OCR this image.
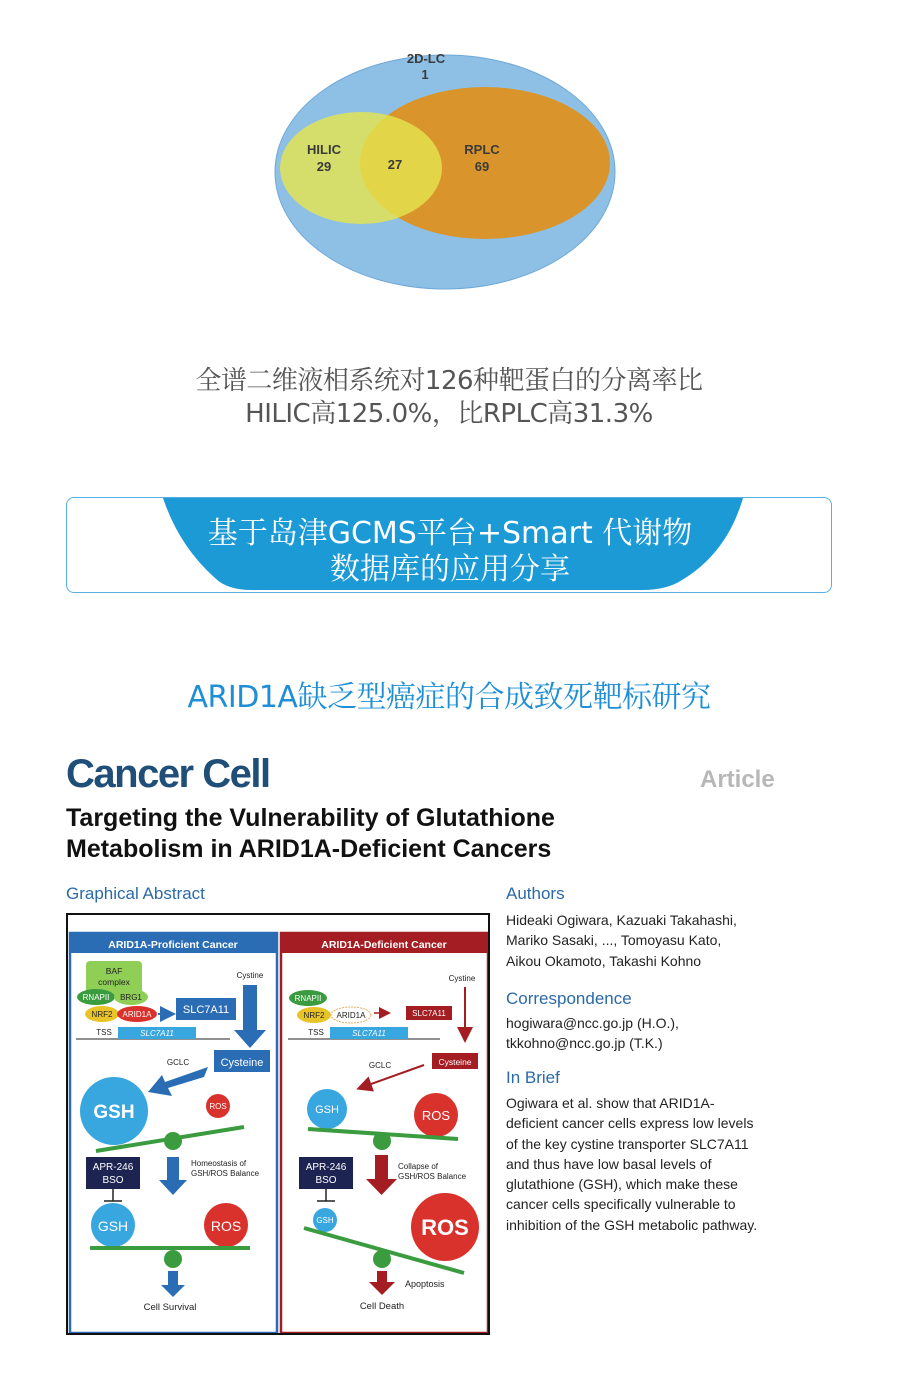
2D-LC
1
HILIC
29	27
RPLC
69
全谱二维液相系统对126种靶蛋白的分离率比
HILIC高125.0%，比RPLC高31.3%
基于岛津GCMS平台+Smart 代谢物
数据库的应用分享
ARID1A缺乏型癌症的合成致死靶标研究
Cancer Cell	Article
Targeting the Vulnerability of Glutathione
Metabolism in ARID1A-Deficient Cancers
Graphical Abstract	Authors
Hideaki Ogiwara, Kazuaki Takahashi,
Mariko Sasaki, ..., Tomoyasu Kato,
Aikou Okamoto, Takashi Kohno
Correspondence
hogiwara@ncc.go.jp (H.O.),
tkkohno@ncc.go.jp (T.K.)
In Brief
Ogiwara et al. show that ARID1A-
deficient cancer cells express low levels
of the key cystine transporter SLC7A11
and thus have low basal levels of
glutathione (GSH), which make these
cancer cells specifically vulnerable to
inhibition of the GSH metabolic pathway.
ARID1A-Proficient Cancer
BAF
complex
RNAPII BRG1
NRF2 ARID1A	SLC7A11
TSS	SLC7A11
Cystine
Cysteine
GCLC
GSH	ROS
APR-246
BSO
Homeostasis of
GSH/ROS Balance
GSH	ROS
Cell Survival
ARID1A-Deficient Cancer
RNAPII
NRF2 ARID1A	SLC7A11
TSS	SLC7A11
Cystine
Cysteine
GCLC
GSH	ROS
APR-246
BSO
Collapse of
GSH/ROS Balance
GSH	ROS
Apoptosis
Cell Death
